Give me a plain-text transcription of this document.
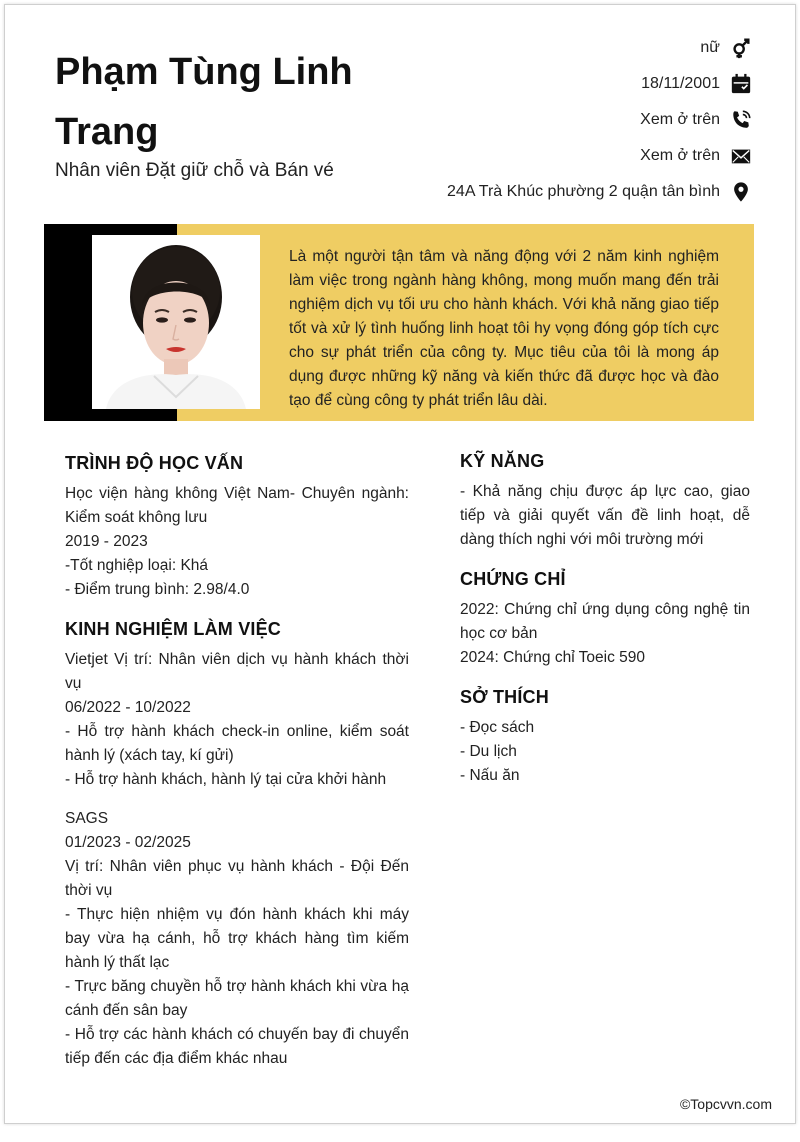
Phạm Tùng Linh Trang
Nhân viên Đặt giữ chỗ và Bán vé
nữ
18/11/2001
Xem ở trên
Xem ở trên
24A Trà Khúc phường 2 quận tân bình

Là một người tận tâm và năng động với 2 năm kinh nghiệm làm việc trong ngành hàng không, mong muốn mang đến trải nghiệm dịch vụ tối ưu cho hành khách. Với khả năng giao tiếp tốt và xử lý tình huống linh hoạt tôi hy vọng đóng góp tích cực cho sự phát triển của công ty. Mục tiêu của tôi là mong áp dụng được những kỹ năng và kiến thức đã được học và đào tạo để cùng công ty phát triển lâu dài.

TRÌNH ĐỘ HỌC VẤN

Học viện hàng không Việt Nam- Chuyên ngành: Kiểm soát không lưu

2019 - 2023

-Tốt nghiệp loại: Khá

- Điểm trung bình: 2.98/4.0

KINH NGHIỆM LÀM VIỆC

Vietjet Vị trí: Nhân viên dịch vụ hành khách thời vụ

06/2022 - 10/2022

- Hỗ trợ hành khách check-in online, kiểm soát hành lý (xách tay, kí gửi)

- Hỗ trợ hành khách, hành lý tại cửa khởi hành

SAGS

01/2023 - 02/2025

Vị trí: Nhân viên phục vụ hành khách - Đội Đến thời vụ

- Thực hiện nhiệm vụ đón hành khách khi máy bay vừa hạ cánh, hỗ trợ khách hàng tìm kiếm hành lý thất lạc

- Trực băng chuyền hỗ trợ hành khách khi vừa hạ cánh đến sân bay

- Hỗ trợ các hành khách có chuyến bay đi chuyển tiếp đến các địa điểm khác nhau

KỸ NĂNG

- Khả năng chịu được áp lực cao, giao tiếp và giải quyết vấn đề linh hoạt, dễ dàng thích nghi với môi trường mới

CHỨNG CHỈ

2022: Chứng chỉ ứng dụng công nghệ tin học cơ bản

2024: Chứng chỉ Toeic 590

SỞ THÍCH

- Đọc sách

- Du lịch

- Nấu ăn

©Topcvvn.com
